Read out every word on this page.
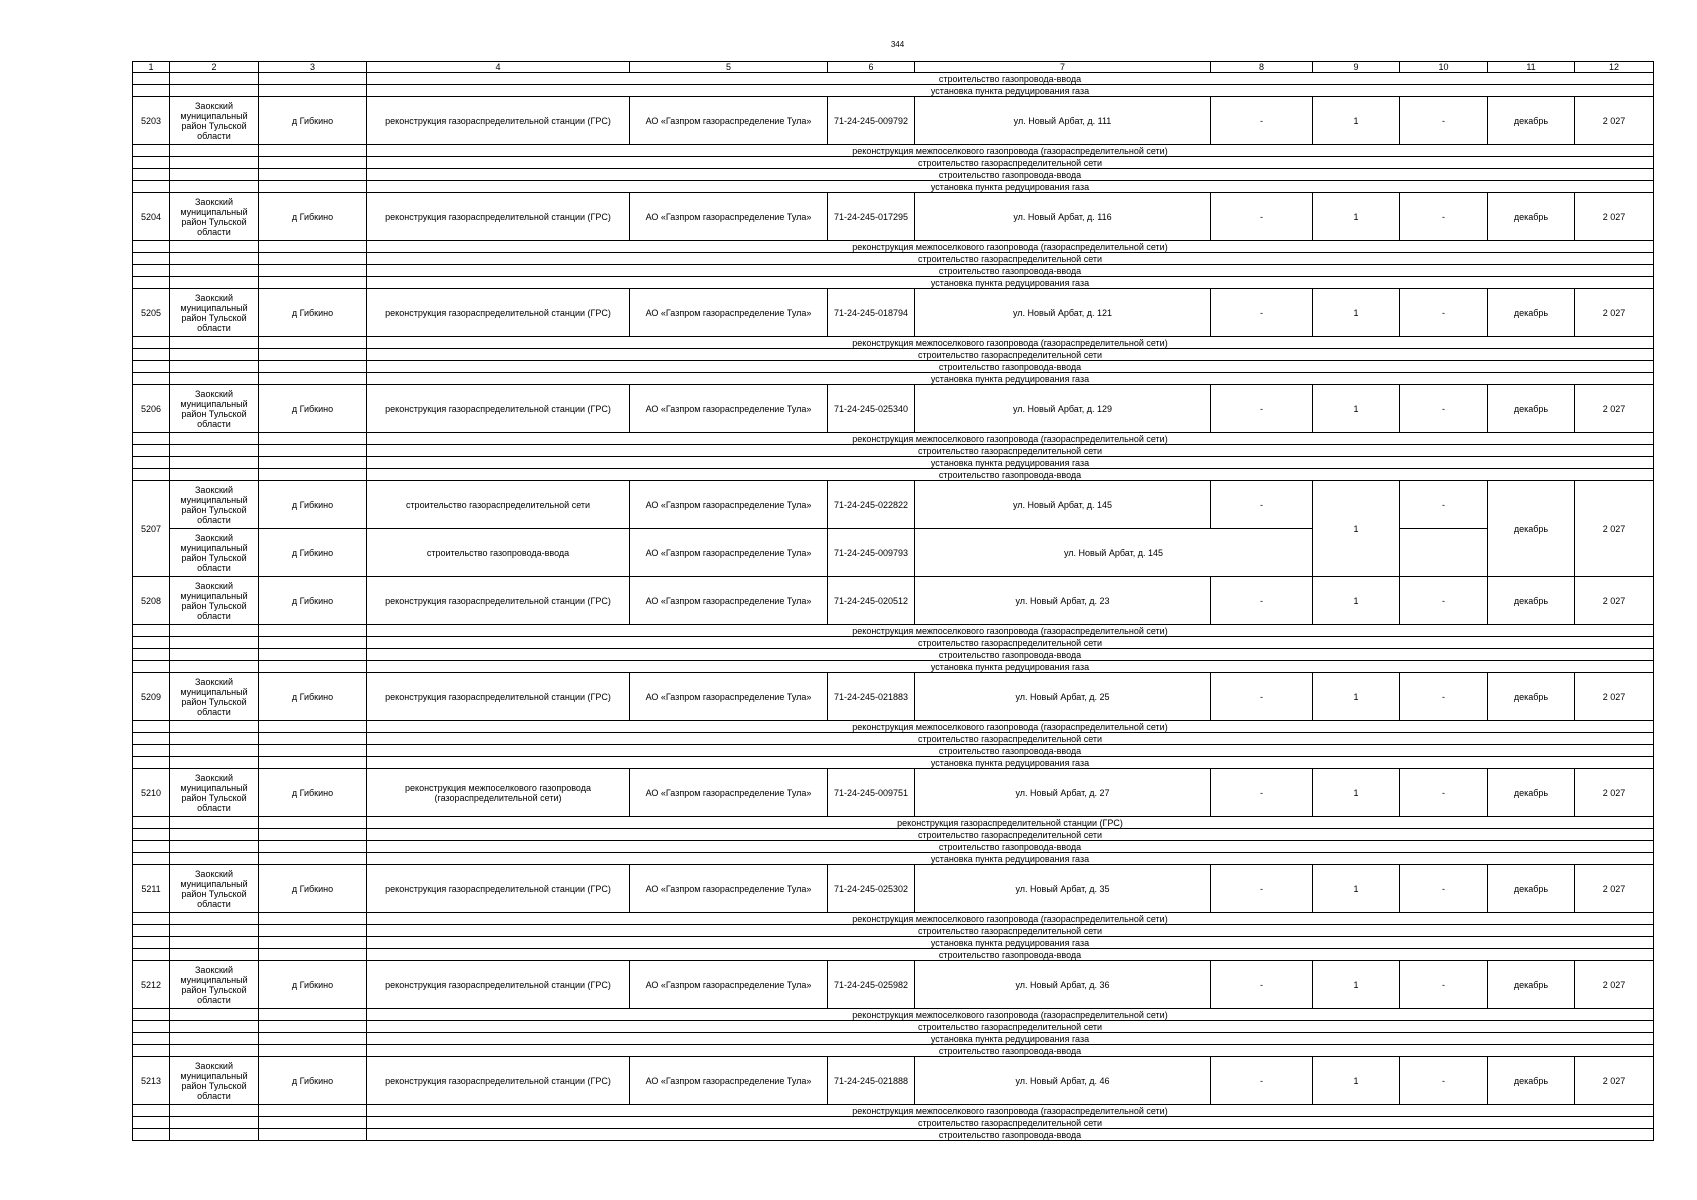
344
1	2	3	4	5	6	7	8	9	10	11	12
			строительство газопровода-ввода								
			установка пункта редуцирования газа								
5203	Заокский муниципальный район Тульской области	д Гибкино	реконструкция газораспределительной станции (ГРС)	АО «Газпром газораспределение Тула»	71-24-245-009792	ул. Новый Арбат, д. 111	-	1	-	декабрь	2 027
			реконструкция межпоселкового газопровода (газораспределительной сети)								
			строительство газораспределительной сети								
			строительство газопровода-ввода								
			установка пункта редуцирования газа								
5204	Заокский муниципальный район Тульской области	д Гибкино	реконструкция газораспределительной станции (ГРС)	АО «Газпром газораспределение Тула»	71-24-245-017295	ул. Новый Арбат, д. 116	-	1	-	декабрь	2 027
			реконструкция межпоселкового газопровода (газораспределительной сети)								
			строительство газораспределительной сети								
			строительство газопровода-ввода								
			установка пункта редуцирования газа								
5205	Заокский муниципальный район Тульской области	д Гибкино	реконструкция газораспределительной станции (ГРС)	АО «Газпром газораспределение Тула»	71-24-245-018794	ул. Новый Арбат, д. 121	-	1	-	декабрь	2 027
			реконструкция межпоселкового газопровода (газораспределительной сети)								
			строительство газораспределительной сети								
			строительство газопровода-ввода								
			установка пункта редуцирования газа								
5206	Заокский муниципальный район Тульской области	д Гибкино	реконструкция газораспределительной станции (ГРС)	АО «Газпром газораспределение Тула»	71-24-245-025340	ул. Новый Арбат, д. 129	-	1	-	декабрь	2 027
			реконструкция межпоселкового газопровода (газораспределительной сети)								
			строительство газораспределительной сети								
			установка пункта редуцирования газа								
			строительство газопровода-ввода								
5207	Заокский муниципальный район Тульской области	д Гибкино	строительство газораспределительной сети	АО «Газпром газораспределение Тула»	71-24-245-022822	ул. Новый Арбат, д. 145	-	1	-	декабрь	2 027
	Заокский муниципальный район Тульской области	д Гибкино	строительство газопровода-ввода	АО «Газпром газораспределение Тула»	71-24-245-009793	ул. Новый Арбат, д. 145					
5208	Заокский муниципальный район Тульской области	д Гибкино	реконструкция газораспределительной станции (ГРС)	АО «Газпром газораспределение Тула»	71-24-245-020512	ул. Новый Арбат, д. 23	-	1	-	декабрь	2 027
			реконструкция межпоселкового газопровода (газораспределительной сети)								
			строительство газораспределительной сети								
			строительство газопровода-ввода								
			установка пункта редуцирования газа								
5209	Заокский муниципальный район Тульской области	д Гибкино	реконструкция газораспределительной станции (ГРС)	АО «Газпром газораспределение Тула»	71-24-245-021883	ул. Новый Арбат, д. 25	-	1	-	декабрь	2 027
			реконструкция межпоселкового газопровода (газораспределительной сети)								
			строительство газораспределительной сети								
			строительство газопровода-ввода								
			установка пункта редуцирования газа								
5210	Заокский муниципальный район Тульской области	д Гибкино	реконструкция межпоселкового газопровода (газораспределительной сети)	АО «Газпром газораспределение Тула»	71-24-245-009751	ул. Новый Арбат, д. 27	-	1	-	декабрь	2 027
			реконструкция газораспределительной станции (ГРС)								
			строительство газораспределительной сети								
			строительство газопровода-ввода								
			установка пункта редуцирования газа								
5211	Заокский муниципальный район Тульской области	д Гибкино	реконструкция газораспределительной станции (ГРС)	АО «Газпром газораспределение Тула»	71-24-245-025302	ул. Новый Арбат, д. 35	-	1	-	декабрь	2 027
			реконструкция межпоселкового газопровода (газораспределительной сети)								
			строительство газораспределительной сети								
			установка пункта редуцирования газа								
			строительство газопровода-ввода								
5212	Заокский муниципальный район Тульской области	д Гибкино	реконструкция газораспределительной станции (ГРС)	АО «Газпром газораспределение Тула»	71-24-245-025982	ул. Новый Арбат, д. 36	-	1	-	декабрь	2 027
			реконструкция межпоселкового газопровода (газораспределительной сети)								
			строительство газораспределительной сети								
			установка пункта редуцирования газа								
			строительство газопровода-ввода								
5213	Заокский муниципальный район Тульской области	д Гибкино	реконструкция газораспределительной станции (ГРС)	АО «Газпром газораспределение Тула»	71-24-245-021888	ул. Новый Арбат, д. 46	-	1	-	декабрь	2 027
			реконструкция межпоселкового газопровода (газораспределительной сети)								
			строительство газораспределительной сети								
			строительство газопровода-ввода								
